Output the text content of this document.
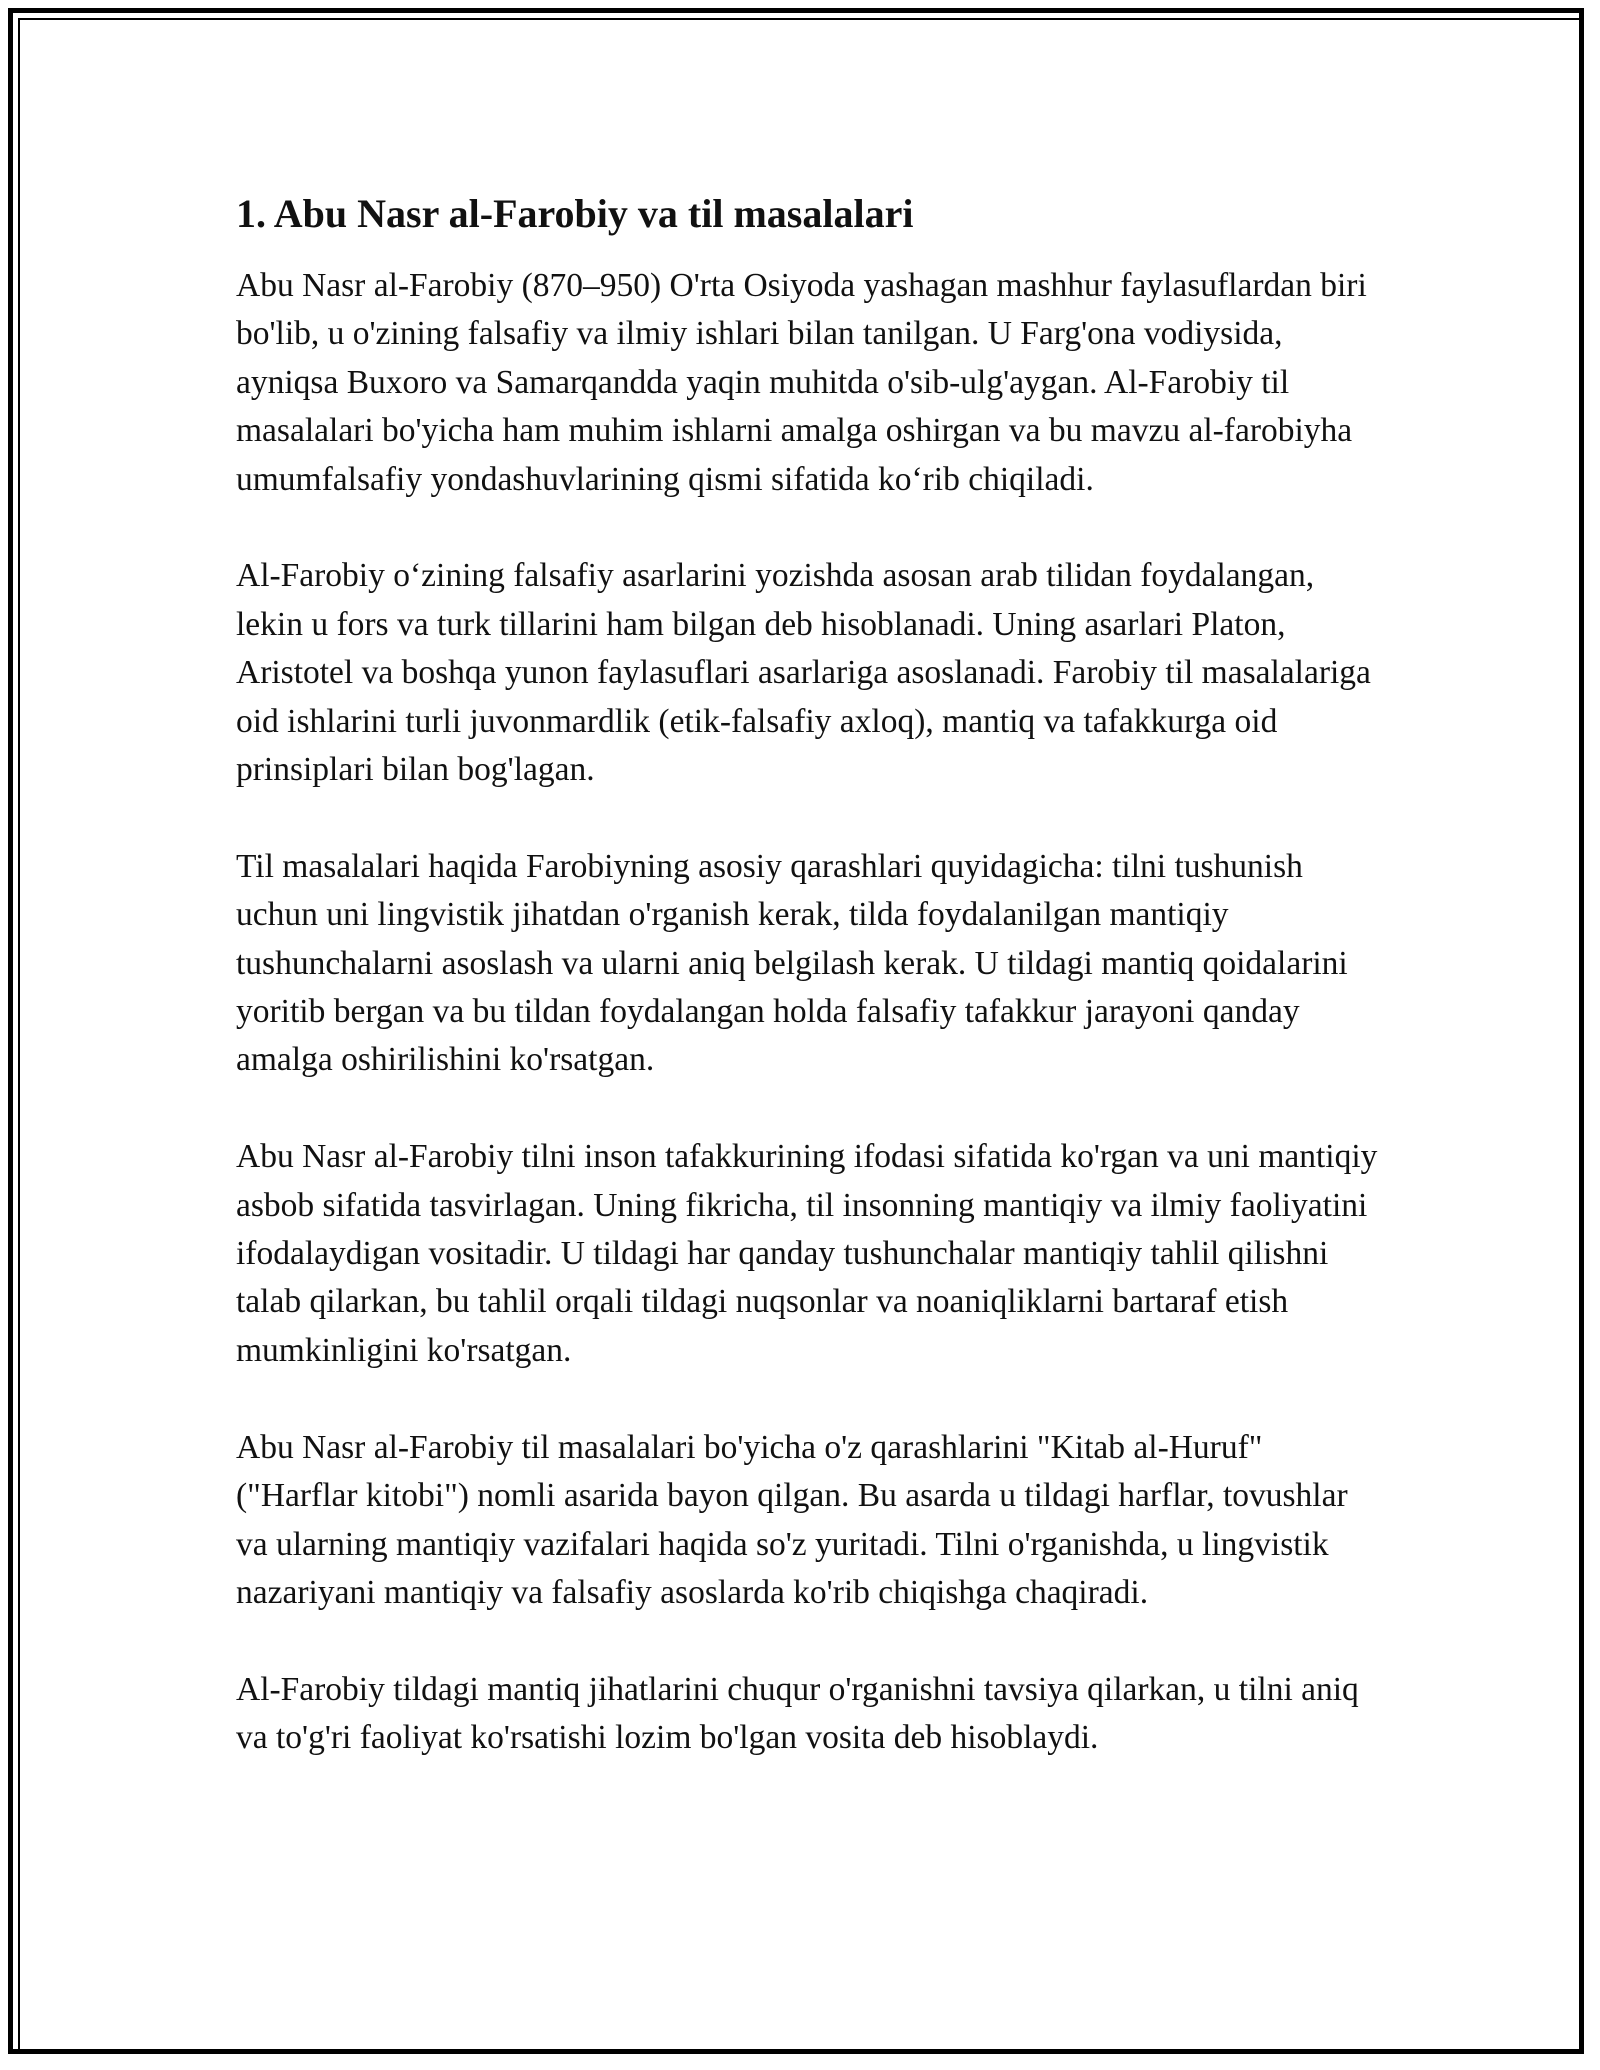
1. Abu Nasr al-Farobiy va til masalalari

Abu Nasr al-Farobiy (870–950) O'rta Osiyoda yashagan mashhur faylasuflardan biri bo'lib, u o'zining falsafiy va ilmiy ishlari bilan tanilgan. U Farg'ona vodiysida, ayniqsa Buxoro va Samarqandda yaqin muhitda o'sib-ulg'aygan. Al-Farobiy til masalalari bo'yicha ham muhim ishlarni amalga oshirgan va bu mavzu al-farobiyha umumfalsafiy yondashuvlarining qismi sifatida ko‘rib chiqiladi.

Al-Farobiy o‘zining falsafiy asarlarini yozishda asosan arab tilidan foydalangan, lekin u fors va turk tillarini ham bilgan deb hisoblanadi. Uning asarlari Platon, Aristotel va boshqa yunon faylasuflari asarlariga asoslanadi. Farobiy til masalalariga oid ishlarini turli juvonmardlik (etik-falsafiy axloq), mantiq va tafakkurga oid prinsiplari bilan bog'lagan.

Til masalalari haqida Farobiyning asosiy qarashlari quyidagicha: tilni tushunish uchun uni lingvistik jihatdan o'rganish kerak, tilda foydalanilgan mantiqiy tushunchalarni asoslash va ularni aniq belgilash kerak. U tildagi mantiq qoidalarini yoritib bergan va bu tildan foydalangan holda falsafiy tafakkur jarayoni qanday amalga oshirilishini ko'rsatgan.

Abu Nasr al-Farobiy tilni inson tafakkurining ifodasi sifatida ko'rgan va uni mantiqiy asbob sifatida tasvirlagan. Uning fikricha, til insonning mantiqiy va ilmiy faoliyatini ifodalaydigan vositadir. U tildagi har qanday tushunchalar mantiqiy tahlil qilishni talab qilarkan, bu tahlil orqali tildagi nuqsonlar va noaniqliklarni bartaraf etish mumkinligini ko'rsatgan.

Abu Nasr al-Farobiy til masalalari bo'yicha o'z qarashlarini "Kitab al-Huruf" ("Harflar kitobi") nomli asarida bayon qilgan. Bu asarda u tildagi harflar, tovushlar va ularning mantiqiy vazifalari haqida so'z yuritadi. Tilni o'rganishda, u lingvistik nazariyani mantiqiy va falsafiy asoslarda ko'rib chiqishga chaqiradi.

Al-Farobiy tildagi mantiq jihatlarini chuqur o'rganishni tavsiya qilarkan, u tilni aniq va to'g'ri faoliyat ko'rsatishi lozim bo'lgan vosita deb hisoblaydi.
